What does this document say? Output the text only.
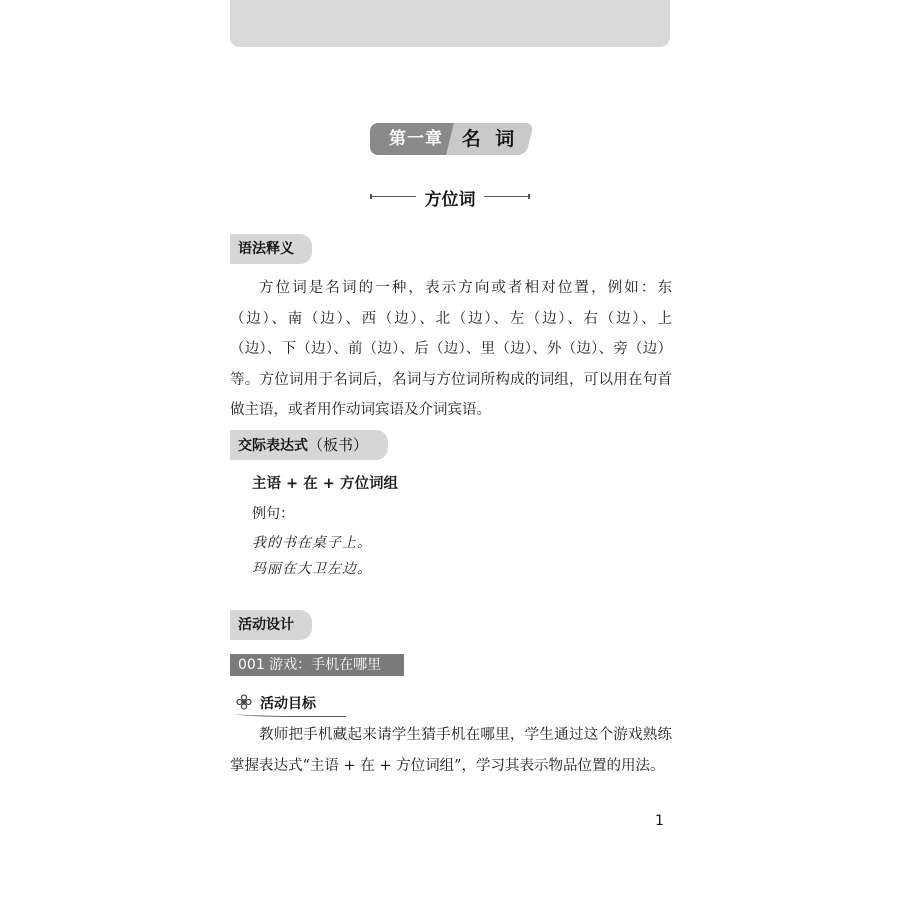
第一章 名 词
方位词
语法释义

方位词是名词的一种，表示方向或者相对位置，例如：东（边）、南（边）、西（边）、北（边）、左（边）、右（边）、上（边）、下（边）、前（边）、后（边）、里（边）、外（边）、旁（边）等。方位词用于名词后，名词与方位词所构成的词组，可以用在句首做主语，或者用作动词宾语及介词宾语。

交际表达式（板书）
主语 + 在 + 方位词组
例句：
我的书在桌子上。
玛丽在大卫左边。
活动设计
001 游戏：手机在哪里
活动目标

教师把手机藏起来请学生猜手机在哪里，学生通过这个游戏熟练掌握表达式“主语 + 在 + 方位词组”，学习其表示物品位置的用法。

1
